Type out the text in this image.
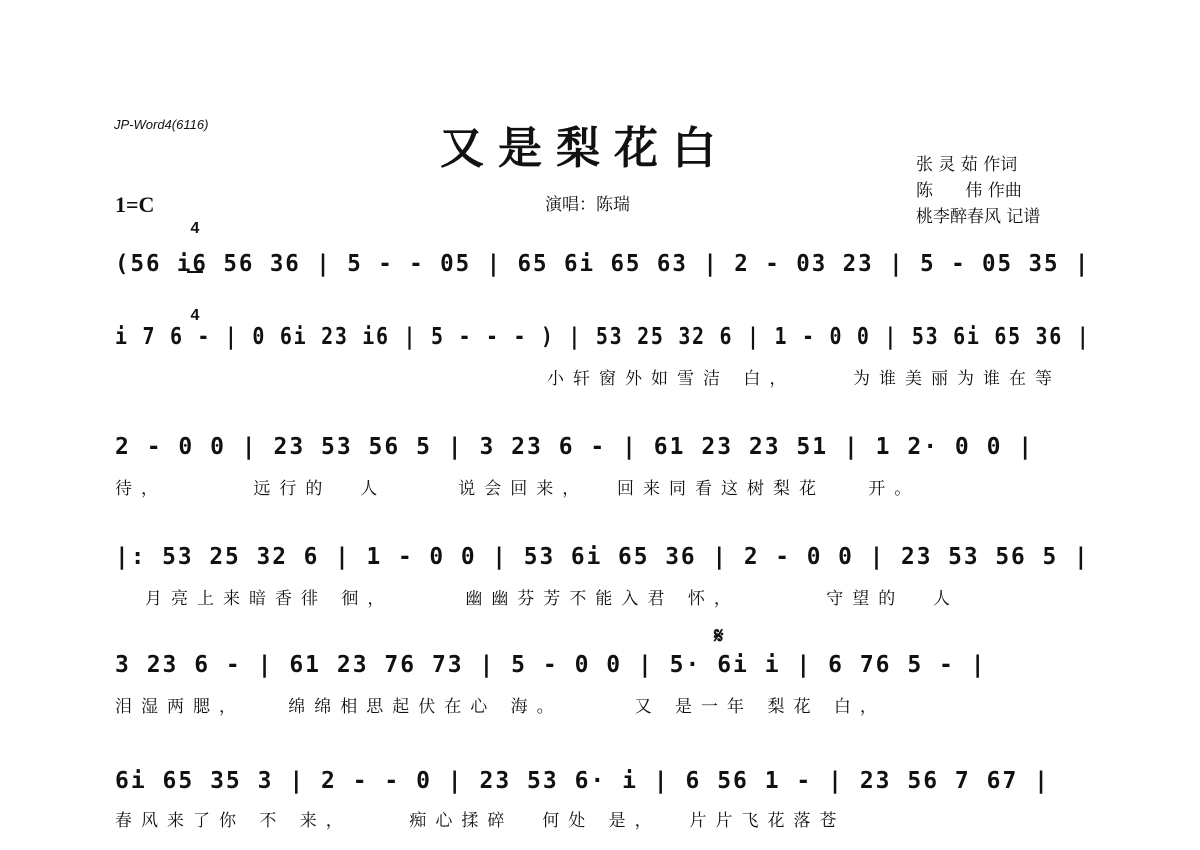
JP-Word4(6116)	又是梨花白
1=C

4

4

演唱：陈瑞
张 灵 茹 作词
陈      伟 作曲
桃李醉春风 记谱
(56 i6 56 36 | 5 - - 05 | 65 6i 65 63 | 2 - 03 23 | 5 - 05 35 |
i 7 6 - | 0 6i 23 i6 | 5 - - - ) | 53 25 32 6 | 1 - 0 0 | 53 6i 65 36 |
小轩窗外如雪洁 白，    为谁美丽为谁在等
2 - 0 0 | 23 53 56 5 | 3 23 6 - | 61 23 23 51 | 1 2· 0 0 |
待，      远行的  人     说会回来，  回来同看这树梨花   开。
|: 53 25 32 6 | 1 - 0 0 | 53 6i 65 36 | 2 - 0 0 | 23 53 56 5 |
月亮上来暗香徘 徊，     幽幽芬芳不能入君 怀，      守望的  人
𝄋
3 23 6 - | 61 23 76 73 | 5 - 0 0 | 5· 6i i | 6 76 5 - |
泪湿两腮，   绵绵相思起伏在心 海。     又 是一年 梨花 白，
6i 65 35 3 | 2 - - 0 | 23 53 6· i | 6 56 1 - | 23 56 7 67 |
春风来了你 不 来，    痴心揉碎  何处 是，  片片飞花落苍
